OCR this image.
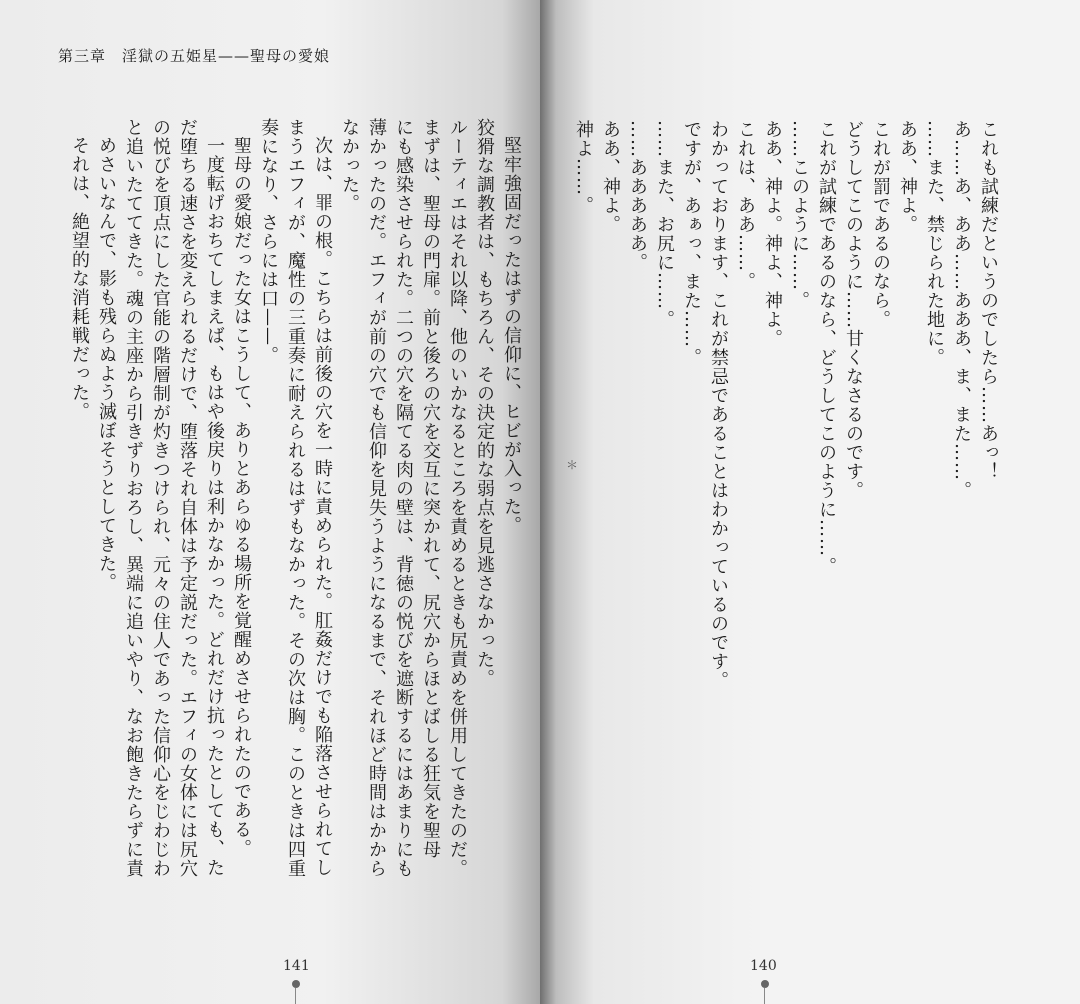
第三章　淫獄の五姫星——聖母の愛娘
堅牢強固だったはずの信仰に、ヒビが入った。
狡猾な調教者は、もちろん、その決定的な弱点を見逃さなかった。
ルーティエはそれ以降、他のいかなるところを責めるときも尻責めを併用してきたのだ。
まずは、聖母の門扉。前と後ろの穴を交互に突かれて、尻穴からほとばしる狂気を聖母
にも感染させられた。二つの穴を隔てる肉の壁は、背徳の悦びを遮断するにはあまりにも
薄かったのだ。エフィが前の穴でも信仰を見失うようになるまで、それほど時間はかから
なかった。
次は、罪の根。こちらは前後の穴を一時に責められた。肛姦だけでも陥落させられてし
まうエフィが、魔性の三重奏に耐えられるはずもなかった。その次は胸。このときは四重
奏になり、さらには口——。
聖母の愛娘だった女はこうして、ありとあらゆる場所を覚醒めさせられたのである。
一度転げおちてしまえば、もはや後戻りは利かなかった。どれだけ抗ったとしても、た
だ堕ちる速さを変えられるだけで、堕落それ自体は予定説だった。エフィの女体には尻穴
の悦びを頂点にした官能の階層制が灼きつけられ、元々の住人であった信仰心をじわじわ
と追いたててきた。魂の主座から引きずりおろし、異端に追いやり、なお飽きたらずに責
めさいなんで、影も残らぬよう滅ぼそうとしてきた。
それは、絶望的な消耗戦だった。
141
これも試練だというのでしたら……あっ！
あ……あ、ああ……あああ、ま、また……。
……また、禁じられた地に。
ああ、神よ。
これが罰であるのなら。
どうしてこのように……甘くなさるのです。
これが試練であるのなら、どうしてこのように……。
……このように……。
ああ、神よ。神よ、神よ。
これは、ああ……。
わかっております、これが禁忌であることはわかっているのです。
ですが、あぁっ、また……。
……また、お尻に……。
……あああああ。
ああ、神よ。
神よ……。
＊
140
